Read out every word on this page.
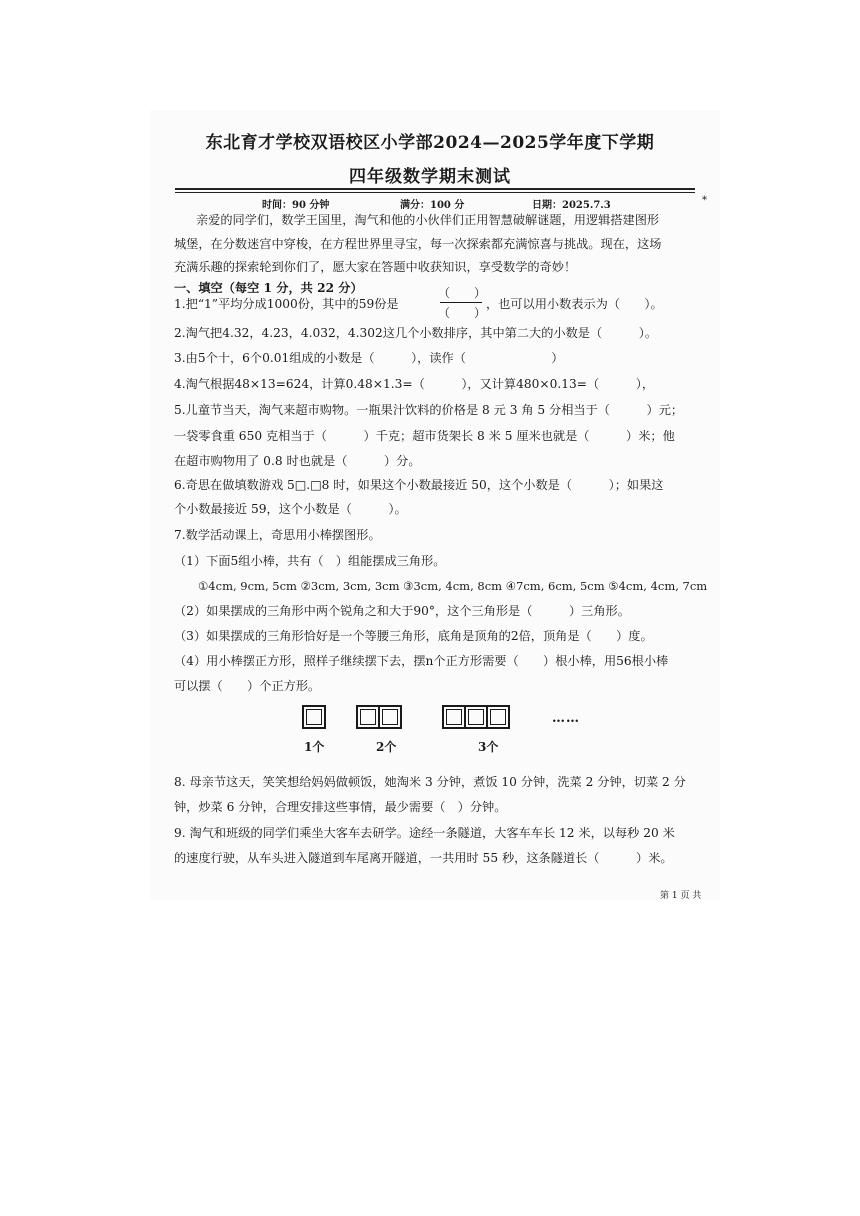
东北育才学校双语校区小学部2024—2025学年度下学期
四年级数学期末测试
*
时间：90 分钟	满分：100 分	日期：2025.7.3
亲爱的同学们，数学王国里，淘气和他的小伙伴们正用智慧破解谜题，用逻辑搭建图形
城堡，在分数迷宫中穿梭，在方程世界里寻宝，每一次探索都充满惊喜与挑战。现在，这场
充满乐趣的探索轮到你们了，愿大家在答题中收获知识，享受数学的奇妙！
一、填空（每空 1 分，共 22 分）
1.把“1”平均分成1000份，其中的59份是
（　　）
（　　）
，也可以用小数表示为（　　）。
2.淘气把4.32，4.23，4.032，4.302这几个小数排序，其中第二大的小数是（　　　）。
3.由5个十，6个0.01组成的小数是（　　　），读作（　　　　　　　）
4.淘气根据48×13=624，计算0.48×1.3=（　　　），又计算480×0.13=（　　　），
5.儿童节当天，淘气来超市购物。一瓶果汁饮料的价格是 8 元 3 角 5 分相当于（　　　）元；
一袋零食重 650 克相当于（　　　）千克；超市货架长 8 米 5 厘米也就是（　　　）米；他
在超市购物用了 0.8 时也就是（　　　）分。
6.奇思在做填数游戏 5□.□8 时，如果这个小数最接近 50，这个小数是（　　　）；如果这
个小数最接近 59，这个小数是（　　　）。
7.数学活动课上，奇思用小棒摆图形。
（1）下面5组小棒，共有（　）组能摆成三角形。
①4cm, 9cm, 5cm ②3cm, 3cm, 3cm ③3cm, 4cm, 8cm ④7cm, 6cm, 5cm ⑤4cm, 4cm, 7cm
（2）如果摆成的三角形中两个锐角之和大于90°，这个三角形是（　　　）三角形。
（3）如果摆成的三角形恰好是一个等腰三角形，底角是顶角的2倍，顶角是（　　）度。
（4）用小棒摆正方形，照样子继续摆下去，摆n个正方形需要（　　）根小棒，用56根小棒
可以摆（　　）个正方形。
1个	2个	3个
……
8. 母亲节这天，笑笑想给妈妈做顿饭，她淘米 3 分钟，煮饭 10 分钟，洗菜 2 分钟，切菜 2 分
钟，炒菜 6 分钟，合理安排这些事情，最少需要（　）分钟。
9. 淘气和班级的同学们乘坐大客车去研学。途经一条隧道，大客车车长 12 米，以每秒 20 米
的速度行驶，从车头进入隧道到车尾离开隧道，一共用时 55 秒，这条隧道长（　　　）米。
第 1 页 共
